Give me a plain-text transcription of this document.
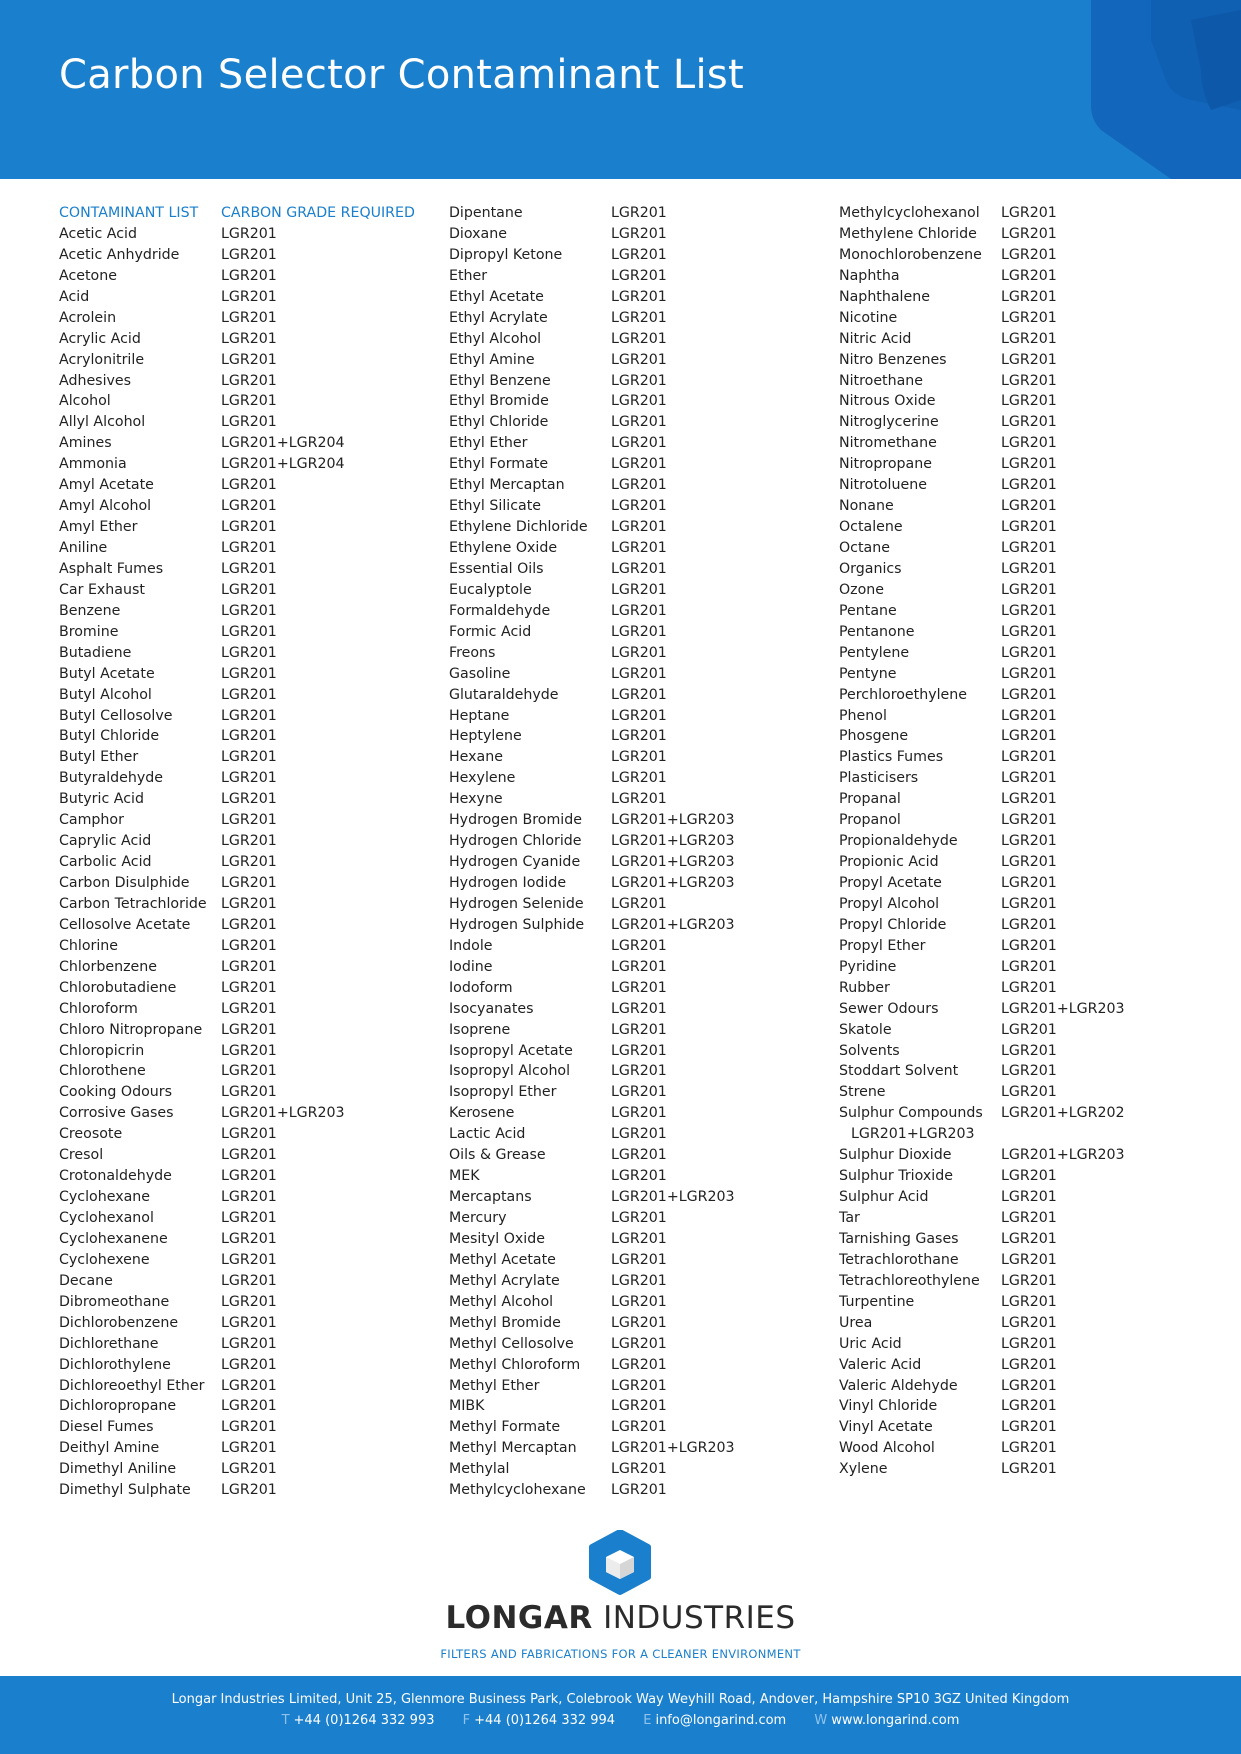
Carbon Selector Contaminant List
CONTAMINANT LIST	CARBON GRADE REQUIRED
Acetic Acid	LGR201
Acetic Anhydride	LGR201
Acetone	LGR201
Acid	LGR201
Acrolein	LGR201
Acrylic Acid	LGR201
Acrylonitrile	LGR201
Adhesives	LGR201
Alcohol	LGR201
Allyl Alcohol	LGR201
Amines	LGR201+LGR204
Ammonia	LGR201+LGR204
Amyl Acetate	LGR201
Amyl Alcohol	LGR201
Amyl Ether	LGR201
Aniline	LGR201
Asphalt Fumes	LGR201
Car Exhaust	LGR201
Benzene	LGR201
Bromine	LGR201
Butadiene	LGR201
Butyl Acetate	LGR201
Butyl Alcohol	LGR201
Butyl Cellosolve	LGR201
Butyl Chloride	LGR201
Butyl Ether	LGR201
Butyraldehyde	LGR201
Butyric Acid	LGR201
Camphor	LGR201
Caprylic Acid	LGR201
Carbolic Acid	LGR201
Carbon Disulphide	LGR201
Carbon Tetrachloride	LGR201
Cellosolve Acetate	LGR201
Chlorine	LGR201
Chlorbenzene	LGR201
Chlorobutadiene	LGR201
Chloroform	LGR201
Chloro Nitropropane	LGR201
Chloropicrin	LGR201
Chlorothene	LGR201
Cooking Odours	LGR201
Corrosive Gases	LGR201+LGR203
Creosote	LGR201
Cresol	LGR201
Crotonaldehyde	LGR201
Cyclohexane	LGR201
Cyclohexanol	LGR201
Cyclohexanene	LGR201
Cyclohexene	LGR201
Decane	LGR201
Dibromeothane	LGR201
Dichlorobenzene	LGR201
Dichlorethane	LGR201
Dichlorothylene	LGR201
Dichloreoethyl Ether	LGR201
Dichloropropane	LGR201
Diesel Fumes	LGR201
Deithyl Amine	LGR201
Dimethyl Aniline	LGR201
Dimethyl Sulphate	LGR201
Dipentane	LGR201
Dioxane	LGR201
Dipropyl Ketone	LGR201
Ether	LGR201
Ethyl Acetate	LGR201
Ethyl Acrylate	LGR201
Ethyl Alcohol	LGR201
Ethyl Amine	LGR201
Ethyl Benzene	LGR201
Ethyl Bromide	LGR201
Ethyl Chloride	LGR201
Ethyl Ether	LGR201
Ethyl Formate	LGR201
Ethyl Mercaptan	LGR201
Ethyl Silicate	LGR201
Ethylene Dichloride	LGR201
Ethylene Oxide	LGR201
Essential Oils	LGR201
Eucalyptole	LGR201
Formaldehyde	LGR201
Formic Acid	LGR201
Freons	LGR201
Gasoline	LGR201
Glutaraldehyde	LGR201
Heptane	LGR201
Heptylene	LGR201
Hexane	LGR201
Hexylene	LGR201
Hexyne	LGR201
Hydrogen Bromide	LGR201+LGR203
Hydrogen Chloride	LGR201+LGR203
Hydrogen Cyanide	LGR201+LGR203
Hydrogen Iodide	LGR201+LGR203
Hydrogen Selenide	LGR201
Hydrogen Sulphide	LGR201+LGR203
Indole	LGR201
Iodine	LGR201
Iodoform	LGR201
Isocyanates	LGR201
Isoprene	LGR201
Isopropyl Acetate	LGR201
Isopropyl Alcohol	LGR201
Isopropyl Ether	LGR201
Kerosene	LGR201
Lactic Acid	LGR201
Oils & Grease	LGR201
MEK	LGR201
Mercaptans	LGR201+LGR203
Mercury	LGR201
Mesityl Oxide	LGR201
Methyl Acetate	LGR201
Methyl Acrylate	LGR201
Methyl Alcohol	LGR201
Methyl Bromide	LGR201
Methyl Cellosolve	LGR201
Methyl Chloroform	LGR201
Methyl Ether	LGR201
MIBK	LGR201
Methyl Formate	LGR201
Methyl Mercaptan	LGR201+LGR203
Methylal	LGR201
Methylcyclohexane	LGR201
Methylcyclohexanol	LGR201
Methylene Chloride	LGR201
Monochlorobenzene	LGR201
Naphtha	LGR201
Naphthalene	LGR201
Nicotine	LGR201
Nitric Acid	LGR201
Nitro Benzenes	LGR201
Nitroethane	LGR201
Nitrous Oxide	LGR201
Nitroglycerine	LGR201
Nitromethane	LGR201
Nitropropane	LGR201
Nitrotoluene	LGR201
Nonane	LGR201
Octalene	LGR201
Octane	LGR201
Organics	LGR201
Ozone	LGR201
Pentane	LGR201
Pentanone	LGR201
Pentylene	LGR201
Pentyne	LGR201
Perchloroethylene	LGR201
Phenol	LGR201
Phosgene	LGR201
Plastics Fumes	LGR201
Plasticisers	LGR201
Propanal	LGR201
Propanol	LGR201
Propionaldehyde	LGR201
Propionic Acid	LGR201
Propyl Acetate	LGR201
Propyl Alcohol	LGR201
Propyl Chloride	LGR201
Propyl Ether	LGR201
Pyridine	LGR201
Rubber	LGR201
Sewer Odours	LGR201+LGR203
Skatole	LGR201
Solvents	LGR201
Stoddart Solvent	LGR201
Strene	LGR201
Sulphur Compounds	LGR201+LGR202
LGR201+LGR203
Sulphur Dioxide	LGR201+LGR203
Sulphur Trioxide	LGR201
Sulphur Acid	LGR201
Tar	LGR201
Tarnishing Gases	LGR201
Tetrachlorothane	LGR201
Tetrachloreothylene	LGR201
Turpentine	LGR201
Urea	LGR201
Uric Acid	LGR201
Valeric Acid	LGR201
Valeric Aldehyde	LGR201
Vinyl Chloride	LGR201
Vinyl Acetate	LGR201
Wood Alcohol	LGR201
Xylene	LGR201
LONGAR INDUSTRIES
FILTERS AND FABRICATIONS FOR A CLEANER ENVIRONMENT
Longar Industries Limited, Unit 25, Glenmore Business Park, Colebrook Way Weyhill Road, Andover, Hampshire SP10 3GZ United Kingdom
T +44 (0)1264 332 993 F +44 (0)1264 332 994 E info@longarind.com W www.longarind.com
